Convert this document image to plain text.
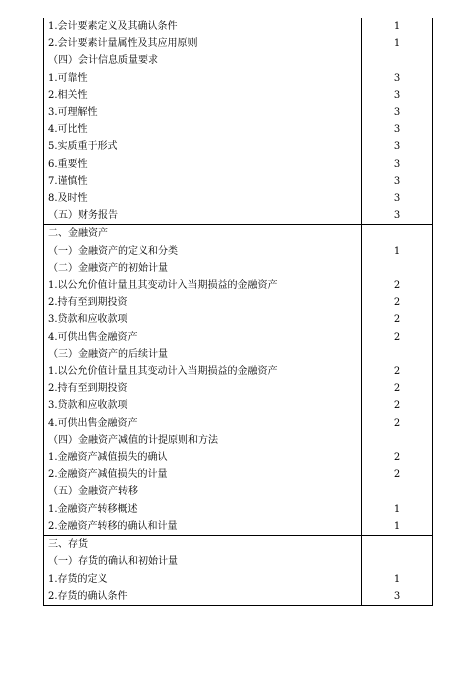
1.会计要素定义及其确认条件	1
2.会计要素计量属性及其应用原则	1
（四）会计信息质量要求	
1.可靠性	3
2.相关性	3
3.可理解性	3
4.可比性	3
5.实质重于形式	3
6.重要性	3
7.谨慎性	3
8.及时性	3
（五）财务报告	3
二、金融资产	
（一）金融资产的定义和分类	1
（二）金融资产的初始计量	
1.以公允价值计量且其变动计入当期损益的金融资产	2
2.持有至到期投资	2
3.贷款和应收款项	2
4.可供出售金融资产	2
（三）金融资产的后续计量	
1.以公允价值计量且其变动计入当期损益的金融资产	2
2.持有至到期投资	2
3.贷款和应收款项	2
4.可供出售金融资产	2
（四）金融资产减值的计提原则和方法	
1.金融资产减值损失的确认	2
2.金融资产减值损失的计量	2
（五）金融资产转移	
1.金融资产转移概述	1
2.金融资产转移的确认和计量	1
三、存货	
（一）存货的确认和初始计量	
1.存货的定义	1
2.存货的确认条件	3
